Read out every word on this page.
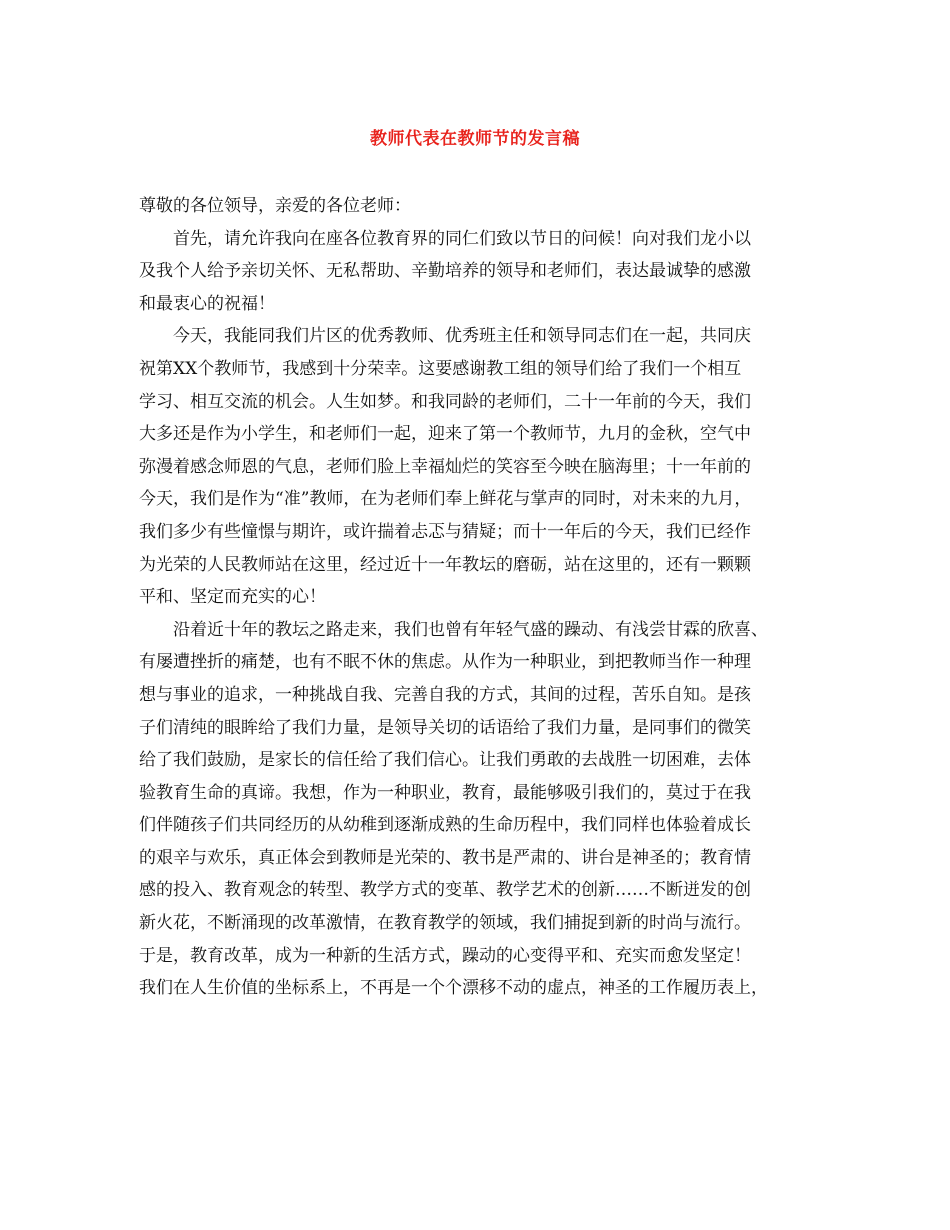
教师代表在教师节的发言稿
尊敬的各位领导，亲爱的各位老师：
首先，请允许我向在座各位教育界的同仁们致以节日的问候！向对我们龙小以
及我个人给予亲切关怀、无私帮助、辛勤培养的领导和老师们，表达最诚挚的感激
和最衷心的祝福！
今天，我能同我们片区的优秀教师、优秀班主任和领导同志们在一起，共同庆
祝第XX个教师节，我感到十分荣幸。这要感谢教工组的领导们给了我们一个相互
学习、相互交流的机会。人生如梦。和我同龄的老师们，二十一年前的今天，我们
大多还是作为小学生，和老师们一起，迎来了第一个教师节，九月的金秋，空气中
弥漫着感念师恩的气息，老师们脸上幸福灿烂的笑容至今映在脑海里；十一年前的
今天，我们是作为“准”教师，在为老师们奉上鲜花与掌声的同时，对未来的九月，
我们多少有些憧憬与期许，或许揣着忐忑与猜疑；而十一年后的今天，我们已经作
为光荣的人民教师站在这里，经过近十一年教坛的磨砺，站在这里的，还有一颗颗
平和、坚定而充实的心！
沿着近十年的教坛之路走来，我们也曾有年轻气盛的躁动、有浅尝甘霖的欣喜、
有屡遭挫折的痛楚，也有不眠不休的焦虑。从作为一种职业，到把教师当作一种理
想与事业的追求，一种挑战自我、完善自我的方式，其间的过程，苦乐自知。是孩
子们清纯的眼眸给了我们力量，是领导关切的话语给了我们力量，是同事们的微笑
给了我们鼓励，是家长的信任给了我们信心。让我们勇敢的去战胜一切困难，去体
验教育生命的真谛。我想，作为一种职业，教育，最能够吸引我们的，莫过于在我
们伴随孩子们共同经历的从幼稚到逐渐成熟的生命历程中，我们同样也体验着成长
的艰辛与欢乐，真正体会到教师是光荣的、教书是严肃的、讲台是神圣的；教育情
感的投入、教育观念的转型、教学方式的变革、教学艺术的创新……不断迸发的创
新火花，不断涌现的改革激情，在教育教学的领域，我们捕捉到新的时尚与流行。
于是，教育改革，成为一种新的生活方式，躁动的心变得平和、充实而愈发坚定！
我们在人生价值的坐标系上，不再是一个个漂移不动的虚点，神圣的工作履历表上，
